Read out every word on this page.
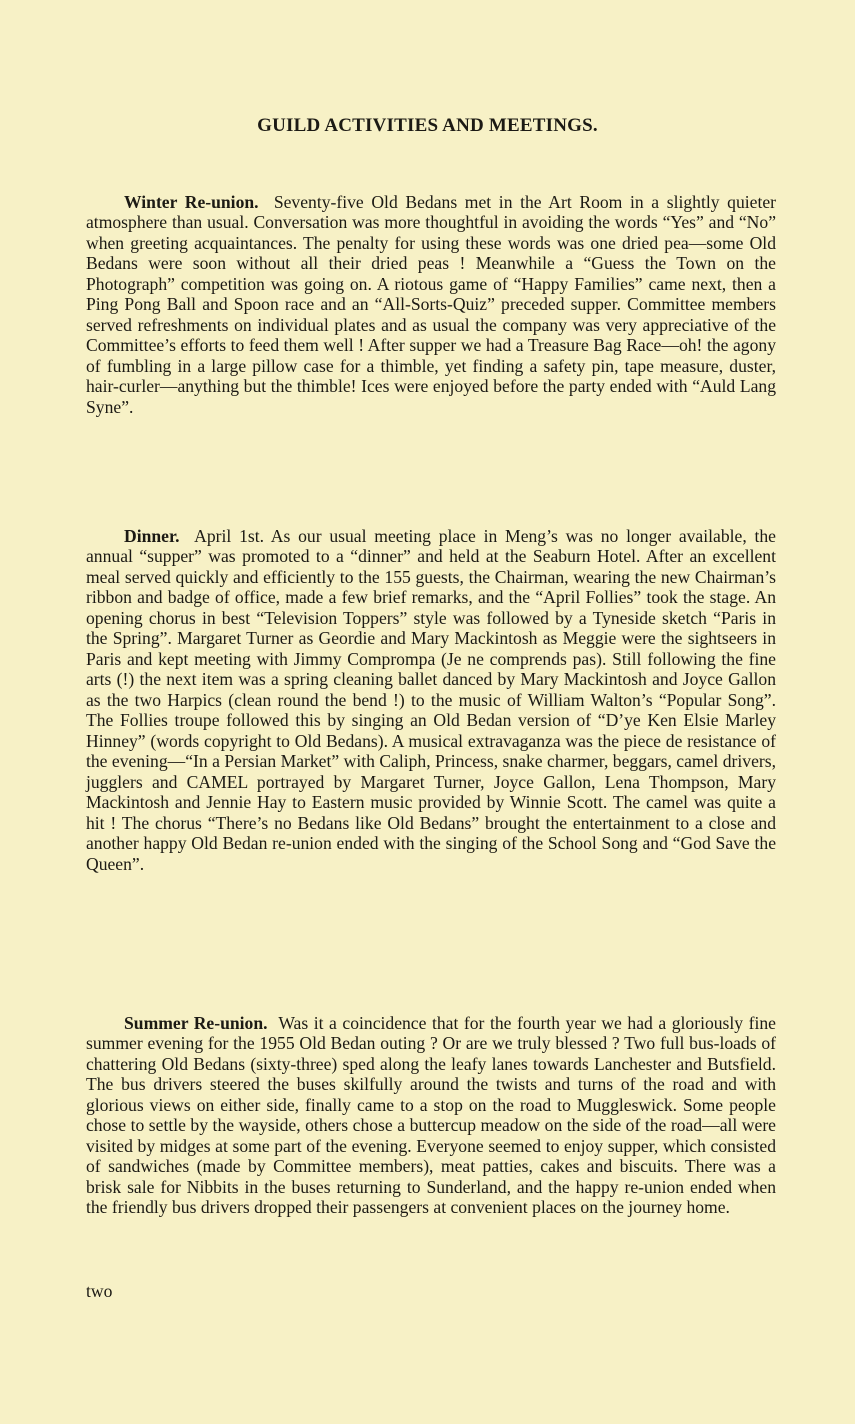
GUILD ACTIVITIES AND MEETINGS.

Winter Re-union. Seventy-five Old Bedans met in the Art Room in a slightly quieter atmosphere than usual. Conversation was more thoughtful in avoiding the words “Yes” and “No” when greeting acquaintances. The penalty for using these words was one dried pea—some Old Bedans were soon without all their dried peas ! Meanwhile a “Guess the Town on the Photograph” competition was going on. A riotous game of “Happy Families” came next, then a Ping Pong Ball and Spoon race and an “All-Sorts-Quiz” preceded supper. Committee members served refreshments on individual plates and as usual the company was very appreciative of the Committee’s efforts to feed them well ! After supper we had a Treasure Bag Race—oh! the agony of fumbling in a large pillow case for a thimble, yet finding a safety pin, tape measure, duster, hair-curler—anything but the thimble! Ices were enjoyed before the party ended with “Auld Lang Syne”.

Dinner. April 1st. As our usual meeting place in Meng’s was no longer available, the annual “supper” was promoted to a “dinner” and held at the Seaburn Hotel. After an excellent meal served quickly and efficiently to the 155 guests, the Chairman, wearing the new Chairman’s ribbon and badge of office, made a few brief remarks, and the “April Follies” took the stage. An opening chorus in best “Television Toppers” style was followed by a Tyneside sketch “Paris in the Spring”. Margaret Turner as Geordie and Mary Mackintosh as Meggie were the sightseers in Paris and kept meeting with Jimmy Comprompa (Je ne comprends pas). Still following the fine arts (!) the next item was a spring cleaning ballet danced by Mary Mackintosh and Joyce Gallon as the two Harpics (clean round the bend !) to the music of William Walton’s “Popular Song”. The Follies troupe followed this by singing an Old Bedan version of “D’ye Ken Elsie Marley Hinney” (words copyright to Old Bedans). A musical extravaganza was the piece de resistance of the evening—“In a Persian Market” with Caliph, Princess, snake charmer, beggars, camel drivers, jugglers and CAMEL portrayed by Margaret Turner, Joyce Gallon, Lena Thompson, Mary Mackintosh and Jennie Hay to Eastern music provided by Winnie Scott. The camel was quite a hit ! The chorus “There’s no Bedans like Old Bedans” brought the entertainment to a close and another happy Old Bedan re-union ended with the singing of the School Song and “God Save the Queen”.

Summer Re-union. Was it a coincidence that for the fourth year we had a gloriously fine summer evening for the 1955 Old Bedan outing ? Or are we truly blessed ? Two full bus-loads of chattering Old Bedans (sixty-three) sped along the leafy lanes towards Lanchester and Butsfield. The bus drivers steered the buses skilfully around the twists and turns of the road and with glorious views on either side, finally came to a stop on the road to Muggleswick. Some people chose to settle by the wayside, others chose a buttercup meadow on the side of the road—all were visited by midges at some part of the evening. Everyone seemed to enjoy supper, which consisted of sandwiches (made by Committee members), meat patties, cakes and biscuits. There was a brisk sale for Nibbits in the buses returning to Sunderland, and the happy re-union ended when the friendly bus drivers dropped their passengers at convenient places on the journey home.

two
